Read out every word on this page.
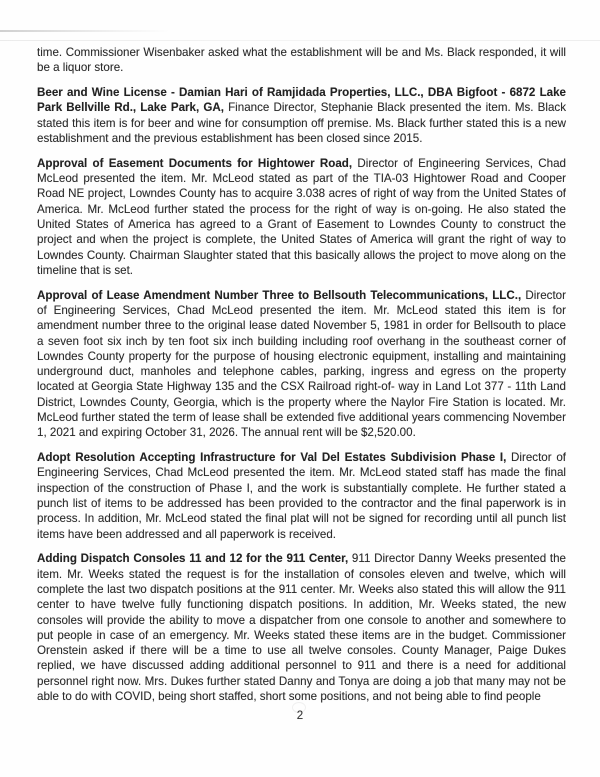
time. Commissioner Wisenbaker asked what the establishment will be and Ms. Black responded, it will be a liquor store.

Beer and Wine License - Damian Hari of Ramjidada Properties, LLC., DBA Bigfoot - 6872 Lake Park Bellville Rd., Lake Park, GA, Finance Director, Stephanie Black presented the item. Ms. Black stated this item is for beer and wine for consumption off premise. Ms. Black further stated this is a new establishment and the previous establishment has been closed since 2015.

Approval of Easement Documents for Hightower Road, Director of Engineering Services, Chad McLeod presented the item. Mr. McLeod stated as part of the TIA-03 Hightower Road and Cooper Road NE project, Lowndes County has to acquire 3.038 acres of right of way from the United States of America. Mr. McLeod further stated the process for the right of way is on-going. He also stated the United States of America has agreed to a Grant of Easement to Lowndes County to construct the project and when the project is complete, the United States of America will grant the right of way to Lowndes County. Chairman Slaughter stated that this basically allows the project to move along on the timeline that is set.

Approval of Lease Amendment Number Three to Bellsouth Telecommunications, LLC., Director of Engineering Services, Chad McLeod presented the item. Mr. McLeod stated this item is for amendment number three to the original lease dated November 5, 1981 in order for Bellsouth to place a seven foot six inch by ten foot six inch building including roof overhang in the southeast corner of Lowndes County property for the purpose of housing electronic equipment, installing and maintaining underground duct, manholes and telephone cables, parking, ingress and egress on the property located at Georgia State Highway 135 and the CSX Railroad right-of- way in Land Lot 377 - 11th Land District, Lowndes County, Georgia, which is the property where the Naylor Fire Station is located. Mr. McLeod further stated the term of lease shall be extended five additional years commencing November 1, 2021 and expiring October 31, 2026. The annual rent will be $2,520.00.

Adopt Resolution Accepting Infrastructure for Val Del Estates Subdivision Phase I, Director of Engineering Services, Chad McLeod presented the item. Mr. McLeod stated staff has made the final inspection of the construction of Phase I, and the work is substantially complete. He further stated a punch list of items to be addressed has been provided to the contractor and the final paperwork is in process. In addition, Mr. McLeod stated the final plat will not be signed for recording until all punch list items have been addressed and all paperwork is received.

Adding Dispatch Consoles 11 and 12 for the 911 Center, 911 Director Danny Weeks presented the item. Mr. Weeks stated the request is for the installation of consoles eleven and twelve, which will complete the last two dispatch positions at the 911 center. Mr. Weeks also stated this will allow the 911 center to have twelve fully functioning dispatch positions. In addition, Mr. Weeks stated, the new consoles will provide the ability to move a dispatcher from one console to another and somewhere to put people in case of an emergency. Mr. Weeks stated these items are in the budget. Commissioner Orenstein asked if there will be a time to use all twelve consoles. County Manager, Paige Dukes replied, we have discussed adding additional personnel to 911 and there is a need for additional personnel right now. Mrs. Dukes further stated Danny and Tonya are doing a job that many may not be able to do with COVID, being short staffed, short some positions, and not being able to find people

2
